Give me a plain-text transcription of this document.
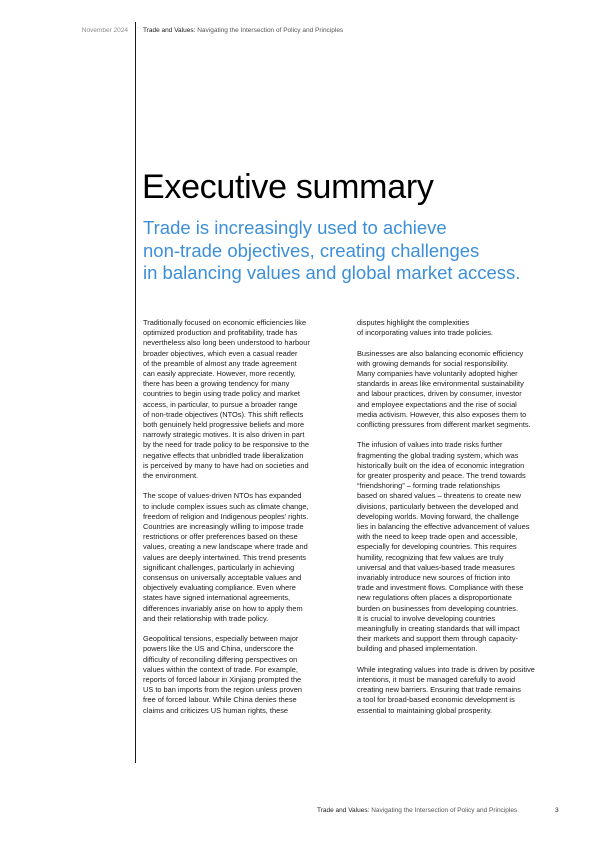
November 2024 Trade and Values: Navigating the Intersection of Policy and Principles
Executive summary
Trade is increasingly used to achieve
non-trade objectives, creating challenges
in balancing values and global market access.
Traditionally focused on economic efficiencies like
optimized production and profitability, trade has
nevertheless also long been understood to harbour
broader objectives, which even a casual reader
of the preamble of almost any trade agreement
can easily appreciate. However, more recently,
there has been a growing tendency for many
countries to begin using trade policy and market
access, in particular, to pursue a broader range
of non-trade objectives (NTOs). This shift reflects
both genuinely held progressive beliefs and more
narrowly strategic motives. It is also driven in part
by the need for trade policy to be responsive to the
negative effects that unbridled trade liberalization
is perceived by many to have had on societies and
the environment.
The scope of values-driven NTOs has expanded
to include complex issues such as climate change,
freedom of religion and Indigenous peoples’ rights.
Countries are increasingly willing to impose trade
restrictions or offer preferences based on these
values, creating a new landscape where trade and
values are deeply intertwined. This trend presents
significant challenges, particularly in achieving
consensus on universally acceptable values and
objectively evaluating compliance. Even where
states have signed international agreements,
differences invariably arise on how to apply them
and their relationship with trade policy.
Geopolitical tensions, especially between major
powers like the US and China, underscore the
difficulty of reconciling differing perspectives on
values within the context of trade. For example,
reports of forced labour in Xinjiang prompted the
US to ban imports from the region unless proven
free of forced labour. While China denies these
claims and criticizes US human rights, these
disputes highlight the complexities
of incorporating values into trade policies.
Businesses are also balancing economic efficiency
with growing demands for social responsibility.
Many companies have voluntarily adopted higher
standards in areas like environmental sustainability
and labour practices, driven by consumer, investor
and employee expectations and the rise of social
media activism. However, this also exposes them to
conflicting pressures from different market segments.
The infusion of values into trade risks further
fragmenting the global trading system, which was
historically built on the idea of economic integration
for greater prosperity and peace. The trend towards
“friendshoring” – forming trade relationships
based on shared values – threatens to create new
divisions, particularly between the developed and
developing worlds. Moving forward, the challenge
lies in balancing the effective advancement of values
with the need to keep trade open and accessible,
especially for developing countries. This requires
humility, recognizing that few values are truly
universal and that values-based trade measures
invariably introduce new sources of friction into
trade and investment flows. Compliance with these
new regulations often places a disproportionate
burden on businesses from developing countries.
It is crucial to involve developing countries
meaningfully in creating standards that will impact
their markets and support them through capacity-
building and phased implementation.
While integrating values into trade is driven by positive
intentions, it must be managed carefully to avoid
creating new barriers. Ensuring that trade remains
a tool for broad-based economic development is
essential to maintaining global prosperity.
Trade and Values: Navigating the Intersection of Policy and Principles	3
